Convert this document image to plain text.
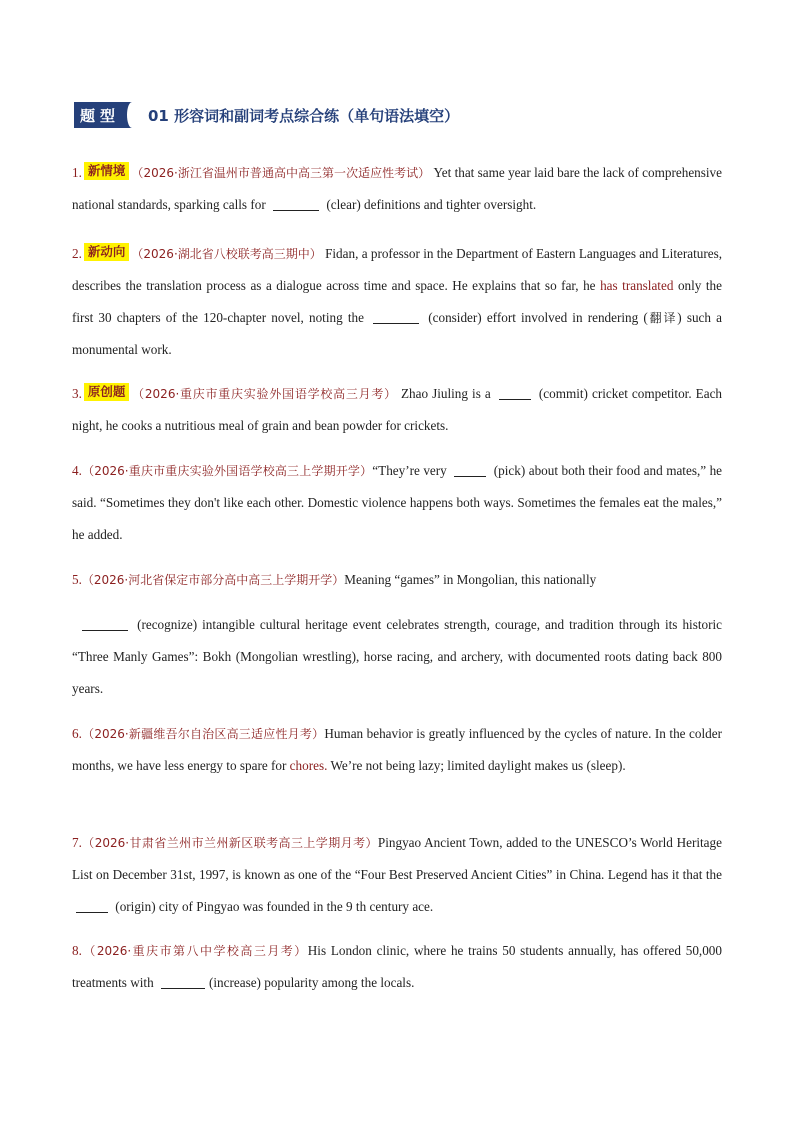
题型 01 形容词和副词考点综合练（单句语法填空）
1. 新情境 （2026·浙江省温州市普通高中高三第一次适应性考试） Yet that same year laid bare the lack of comprehensive national standards, sparking calls for	(clear) definitions and tighter oversight.
2. 新动向 （2026·湖北省八校联考高三期中） Fidan, a professor in the Department of Eastern Languages and Literatures, describes the translation process as a dialogue across time and space. He explains that so far, he has translated only the first 30 chapters of the 120-chapter novel, noting the	(consider) effort involved in rendering (翻译) such a monumental work.
3. 原创题 （2026·重庆市重庆实验外国语学校高三月考） Zhao Jiuling is a	(commit) cricket competitor. Each night, he cooks a nutritious meal of grain and bean powder for crickets.
4.（2026·重庆市重庆实验外国语学校高三上学期开学）“They’re very	(pick) about both their food and mates,” he said. “Sometimes they don't like each other. Domestic violence happens both ways. Sometimes the females eat the males,” he added.
5.（2026·河北省保定市部分高中高三上学期开学）Meaning “games” in Mongolian, this nationally
(recognize) intangible cultural heritage event celebrates strength, courage, and tradition through its historic “Three Manly Games”: Bokh (Mongolian wrestling), horse racing, and archery, with documented roots dating back 800 years.
6.（2026·新疆维吾尔自治区高三适应性月考）Human behavior is greatly influenced by the cycles of nature. In the colder months, we have less energy to spare for chores. We’re not being lazy; limited daylight makes us (sleep).
7.（2026·甘肃省兰州市兰州新区联考高三上学期月考）Pingyao Ancient Town, added to the UNESCO’s World Heritage List on December 31st, 1997, is known as one of the “Four Best Preserved Ancient Cities” in China. Legend has it that the  (origin) city of Pingyao was founded in the 9 th century ace.
8.（2026·重庆市第八中学校高三月考）His London clinic, where he trains 50 students annually, has offered 50,000 treatments with	(increase) popularity among the locals.
